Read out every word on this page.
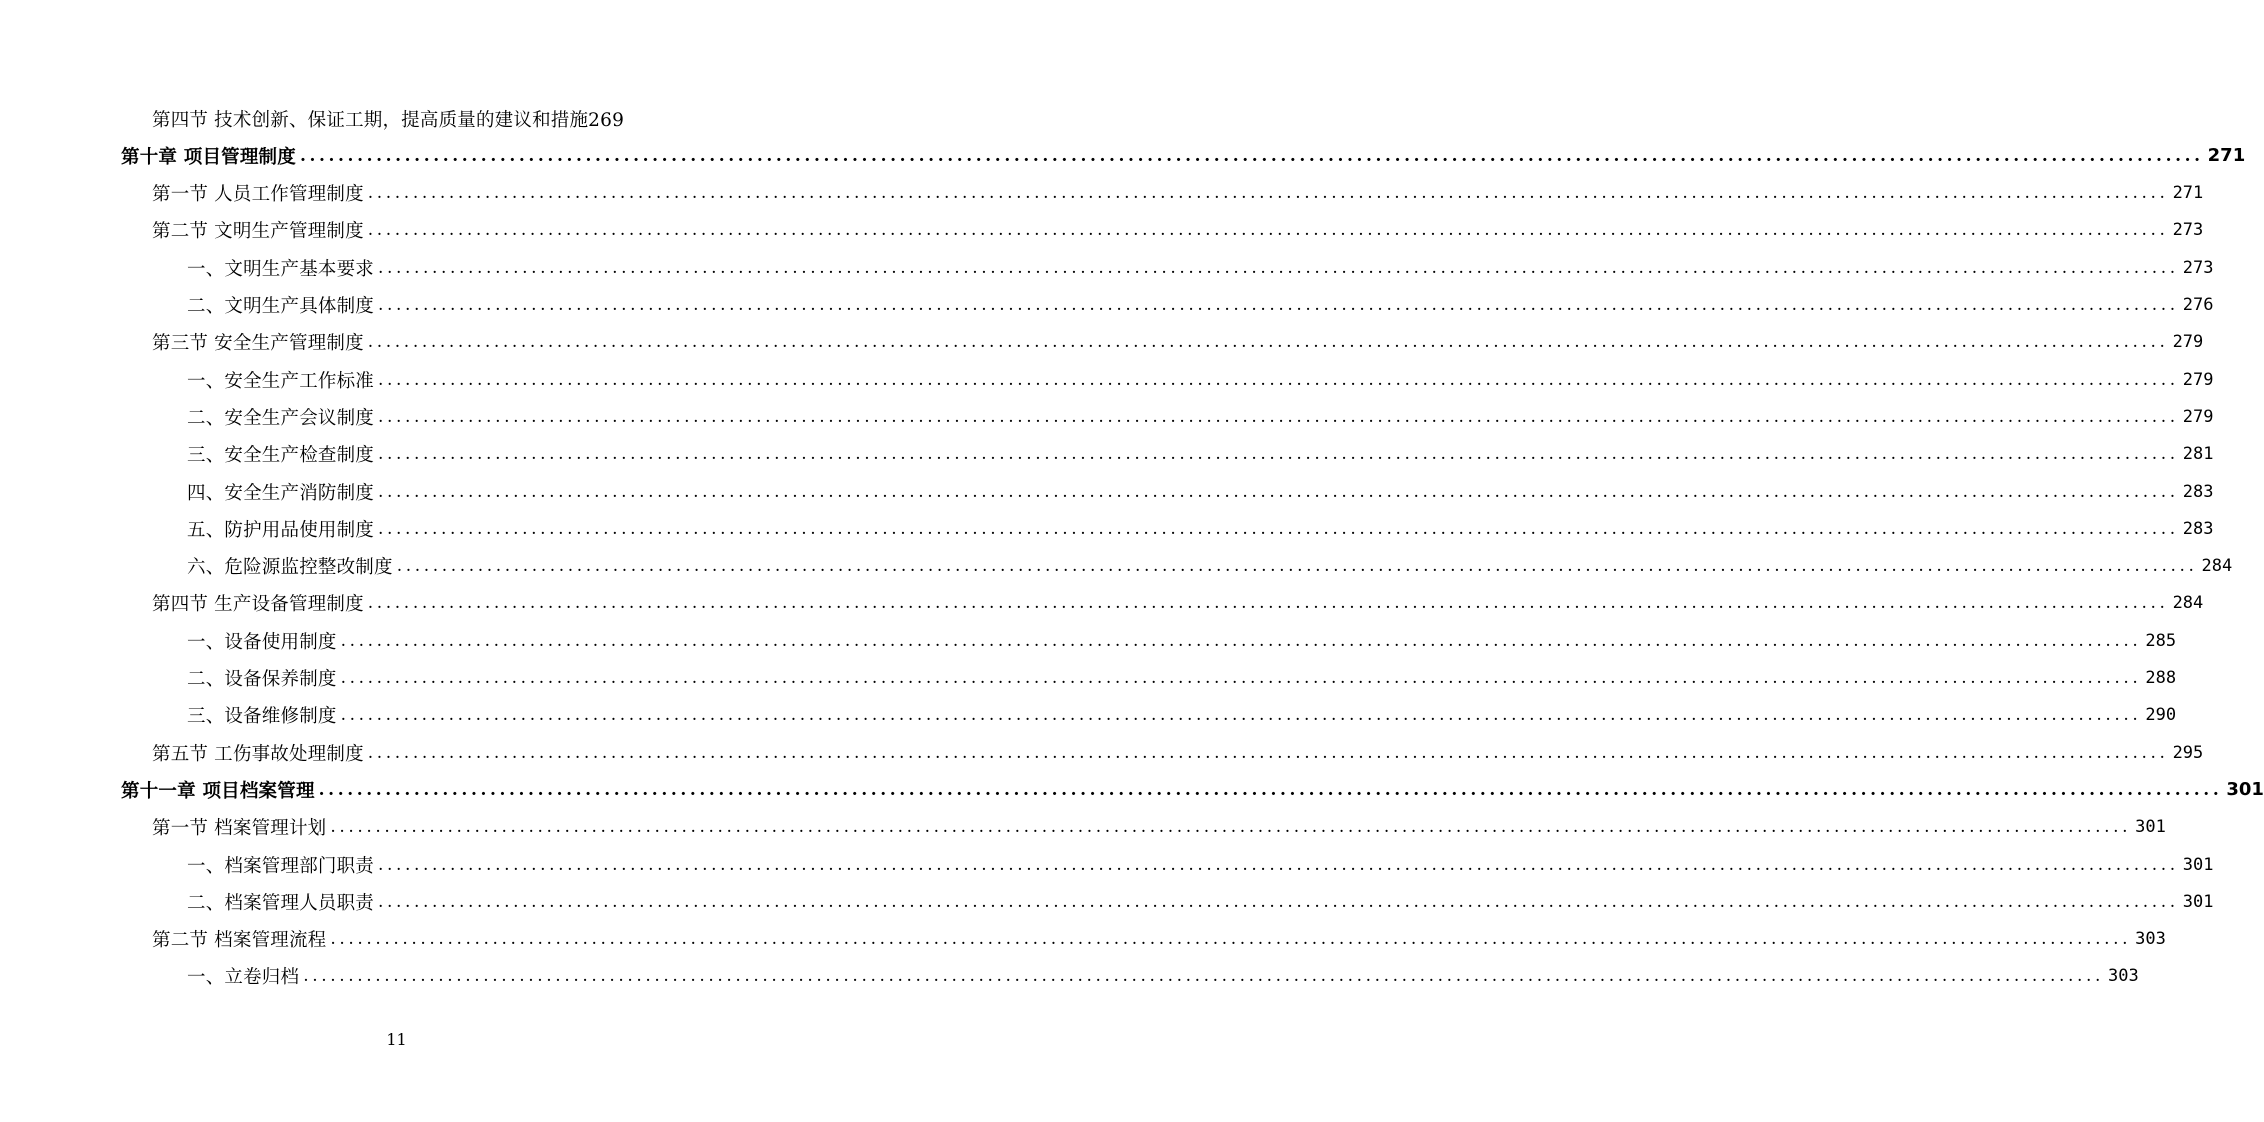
第四节 技术创新、保证工期，提高质量的建议和措施269
第十章 项目管理制度 ........................................................................................................................................................................................................ 271
第一节 人员工作管理制度 ........................................................................................................................................................................................................ 271
第二节 文明生产管理制度 ........................................................................................................................................................................................................ 273
一、文明生产基本要求 ........................................................................................................................................................................................................ 273
二、文明生产具体制度 ........................................................................................................................................................................................................ 276
第三节 安全生产管理制度 ........................................................................................................................................................................................................ 279
一、安全生产工作标准 ........................................................................................................................................................................................................ 279
二、安全生产会议制度 ........................................................................................................................................................................................................ 279
三、安全生产检查制度 ........................................................................................................................................................................................................ 281
四、安全生产消防制度 ........................................................................................................................................................................................................ 283
五、防护用品使用制度 ........................................................................................................................................................................................................ 283
六、危险源监控整改制度 ........................................................................................................................................................................................................ 284
第四节 生产设备管理制度 ........................................................................................................................................................................................................ 284
一、设备使用制度 ........................................................................................................................................................................................................ 285
二、设备保养制度 ........................................................................................................................................................................................................ 288
三、设备维修制度 ........................................................................................................................................................................................................ 290
第五节 工伤事故处理制度 ........................................................................................................................................................................................................ 295
第十一章 项目档案管理 ........................................................................................................................................................................................................ 301
第一节 档案管理计划 ........................................................................................................................................................................................................ 301
一、档案管理部门职责 ........................................................................................................................................................................................................ 301
二、档案管理人员职责 ........................................................................................................................................................................................................ 301
第二节 档案管理流程 ........................................................................................................................................................................................................ 303
一、立卷归档 ........................................................................................................................................................................................................ 303
11
